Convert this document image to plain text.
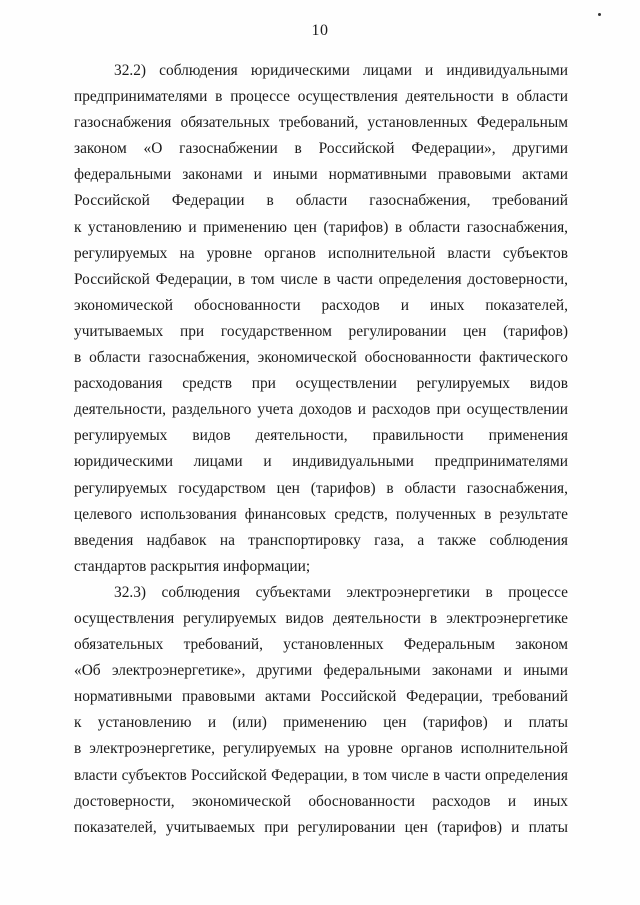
10
32.2) соблюдения юридическими лицами и индивидуальными
предпринимателями в процессе осуществления деятельности в области
газоснабжения обязательных требований, установленных Федеральным
законом «О газоснабжении в Российской Федерации», другими
федеральными законами и иными нормативными правовыми актами
Российской Федерации в области газоснабжения, требований
к установлению и применению цен (тарифов) в области газоснабжения,
регулируемых на уровне органов исполнительной власти субъектов
Российской Федерации, в том числе в части определения достоверности,
экономической обоснованности расходов и иных показателей,
учитываемых при государственном регулировании цен (тарифов)
в области газоснабжения, экономической обоснованности фактического
расходования средств при осуществлении регулируемых видов
деятельности, раздельного учета доходов и расходов при осуществлении
регулируемых видов деятельности, правильности применения
юридическими лицами и индивидуальными предпринимателями
регулируемых государством цен (тарифов) в области газоснабжения,
целевого использования финансовых средств, полученных в результате
введения надбавок на транспортировку газа, а также соблюдения
стандартов раскрытия информации;
32.3) соблюдения субъектами электроэнергетики в процессе
осуществления регулируемых видов деятельности в электроэнергетике
обязательных требований, установленных Федеральным законом
«Об электроэнергетике», другими федеральными законами и иными
нормативными правовыми актами Российской Федерации, требований
к установлению и (или) применению цен (тарифов) и платы
в электроэнергетике, регулируемых на уровне органов исполнительной
власти субъектов Российской Федерации, в том числе в части определения
достоверности, экономической обоснованности расходов и иных
показателей, учитываемых при регулировании цен (тарифов) и платы
